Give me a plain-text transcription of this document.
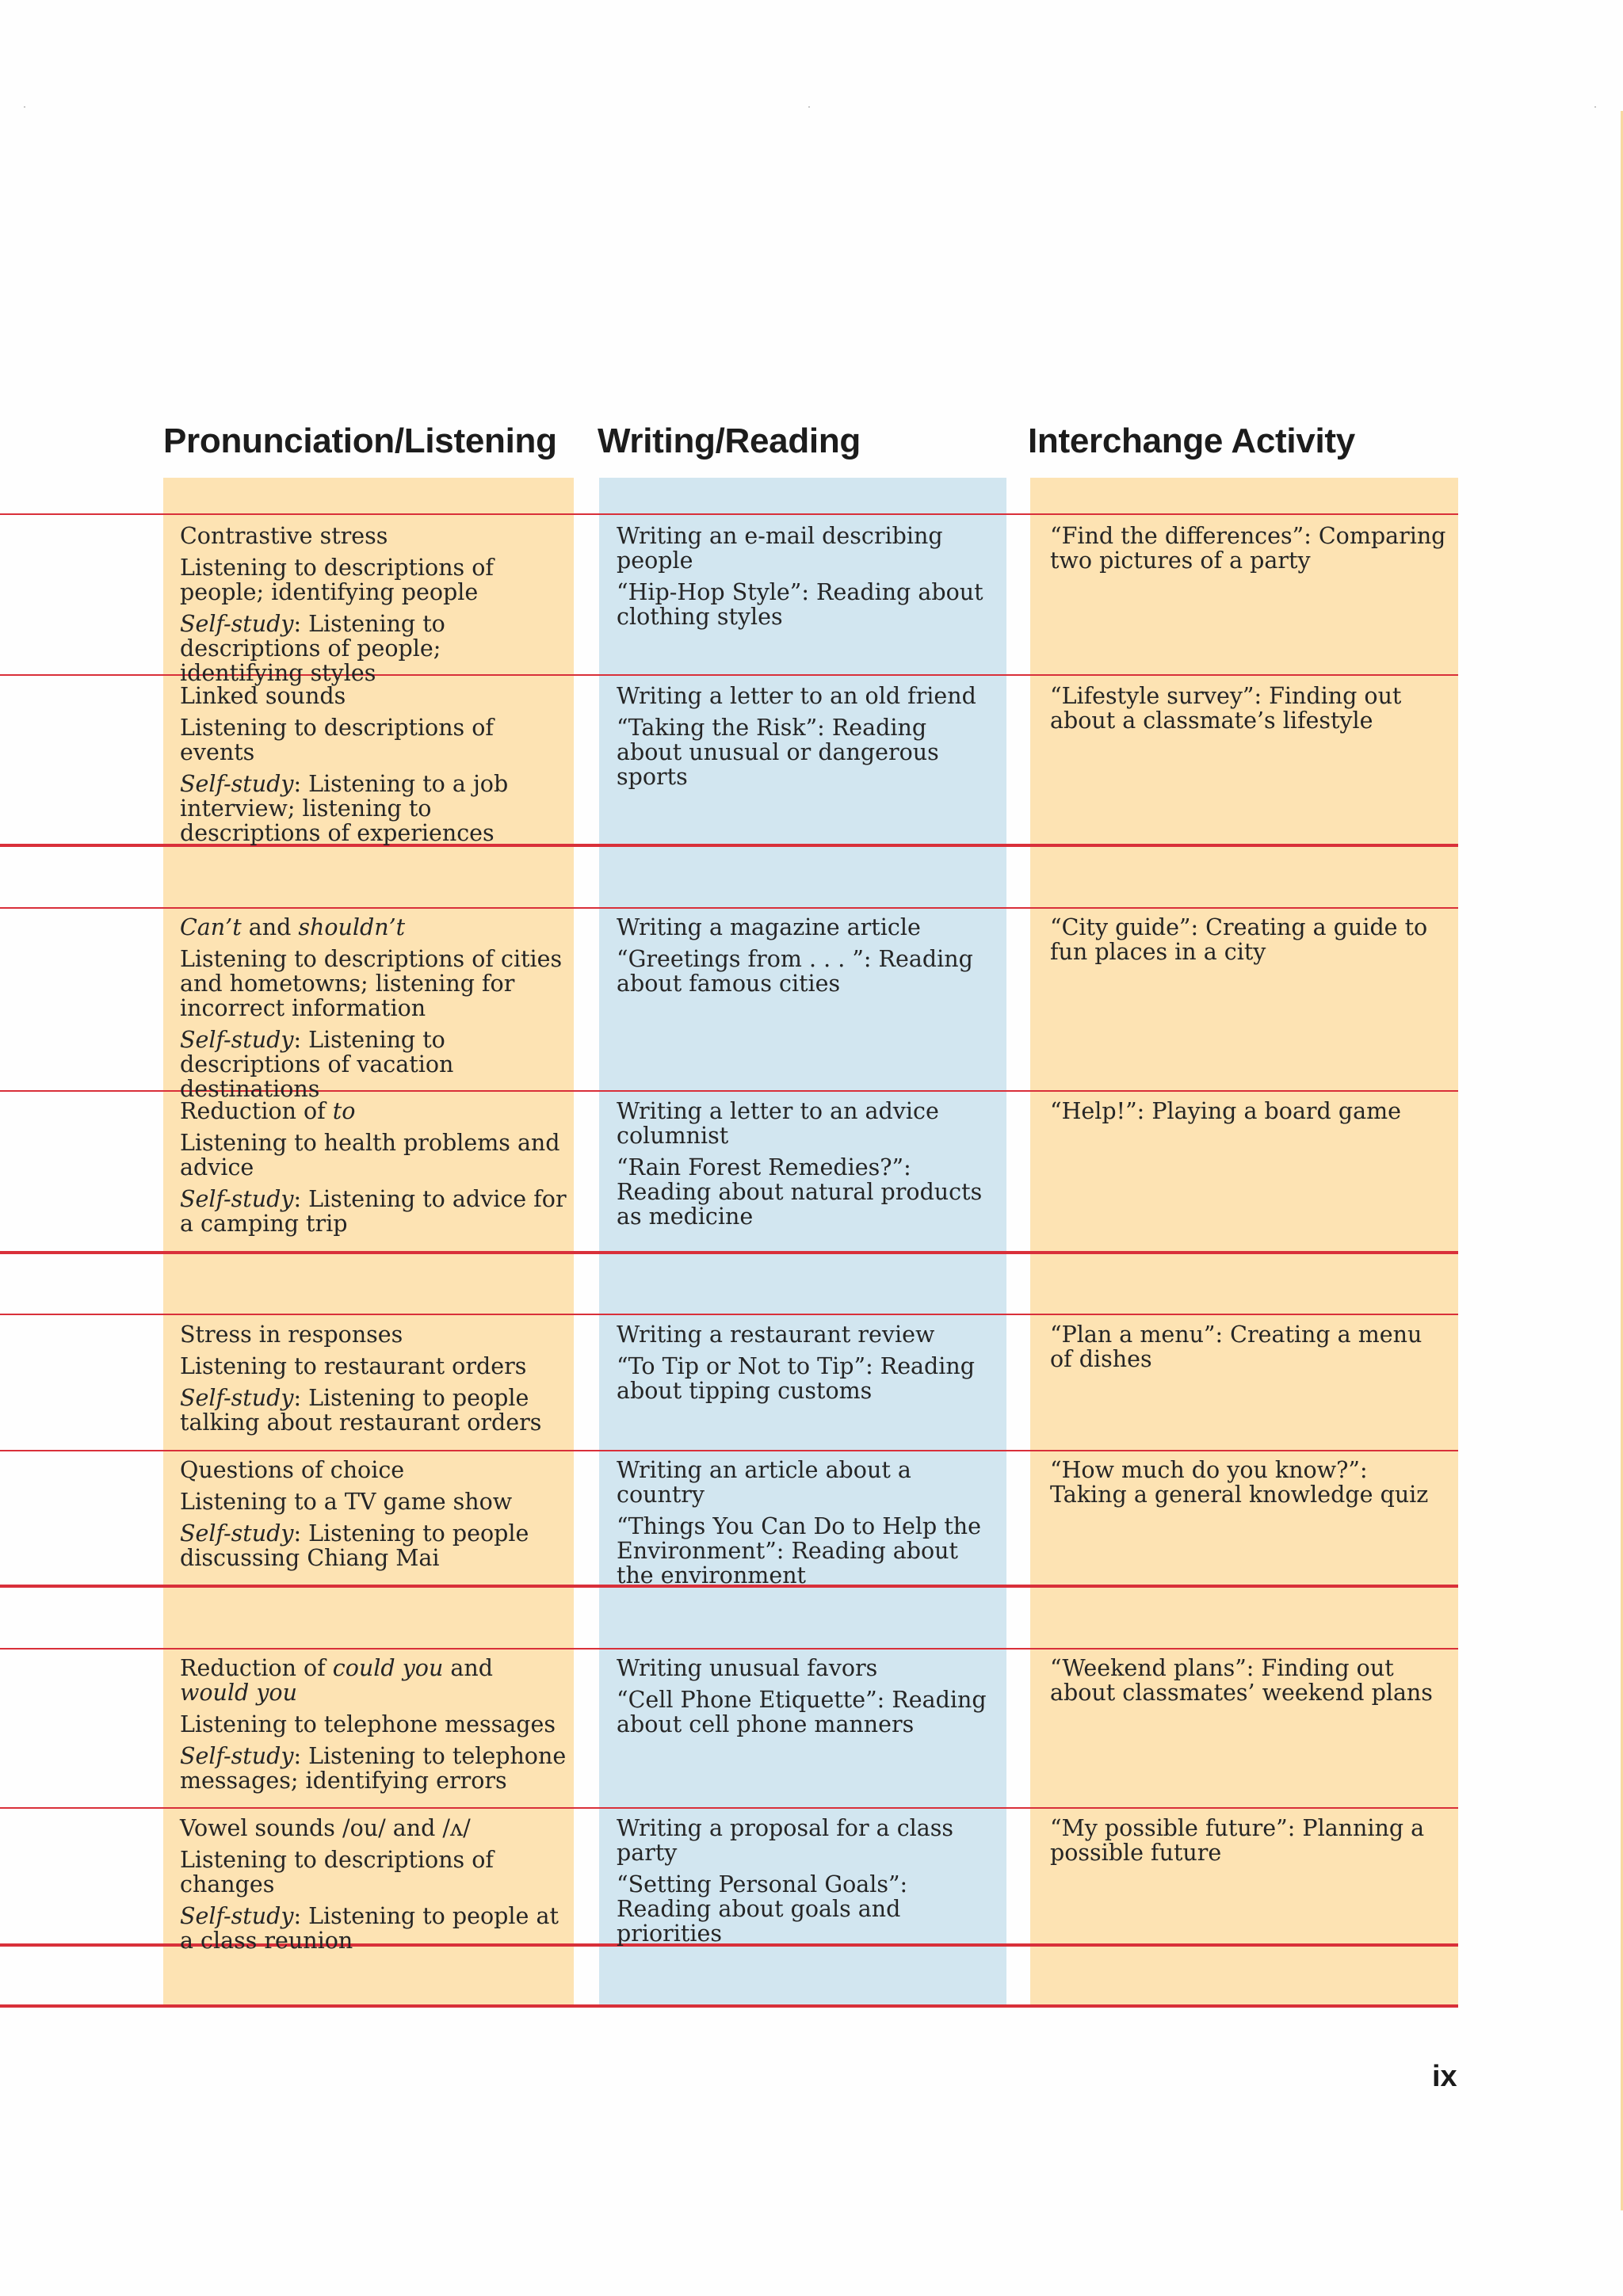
Pronunciation/Listening Writing/Reading	Interchange Activity

Contrastive stress

Listening to descriptions of people; identifying people

Self-study: Listening to descriptions of people; identifying styles

Writing an e-mail describing people

“Hip-Hop Style”: Reading about clothing styles

“Find the differences”: Comparing two pictures of a party

Linked sounds

Listening to descriptions of events

Self-study: Listening to a job interview; listening to descriptions of experiences

Writing a letter to an old friend

“Taking the Risk”: Reading about unusual or dangerous sports

“Lifestyle survey”: Finding out about a classmate’s lifestyle

Can’t and shouldn’t

Listening to descriptions of cities and hometowns; listening for incorrect information

Self-study: Listening to descriptions of vacation destinations

Writing a magazine article

“Greetings from . . . ”: Reading about famous cities

“City guide”: Creating a guide to fun places in a city

Reduction of to

Listening to health problems and advice

Self-study: Listening to advice for a camping trip

Writing a letter to an advice columnist

“Rain Forest Remedies?”: Reading about natural products as medicine

“Help!”: Playing a board game

Stress in responses

Listening to restaurant orders

Self-study: Listening to people talking about restaurant orders

Writing a restaurant review

“To Tip or Not to Tip”: Reading about tipping customs

“Plan a menu”: Creating a menu of dishes

Questions of choice

Listening to a TV game show

Self-study: Listening to people discussing Chiang Mai

Writing an article about a country

“Things You Can Do to Help the Environment”: Reading about the environment

“How much do you know?”: Taking a general knowledge quiz

Reduction of could you and would you

Listening to telephone messages

Self-study: Listening to telephone messages; identifying errors

Writing unusual favors

“Cell Phone Etiquette”: Reading about cell phone manners

“Weekend plans”: Finding out about classmates’ weekend plans

Vowel sounds /ou/ and /ʌ/

Listening to descriptions of changes

Self-study: Listening to people at a class reunion

Writing a proposal for a class party

“Setting Personal Goals”: Reading about goals and priorities

“My possible future”: Planning a possible future

ix
